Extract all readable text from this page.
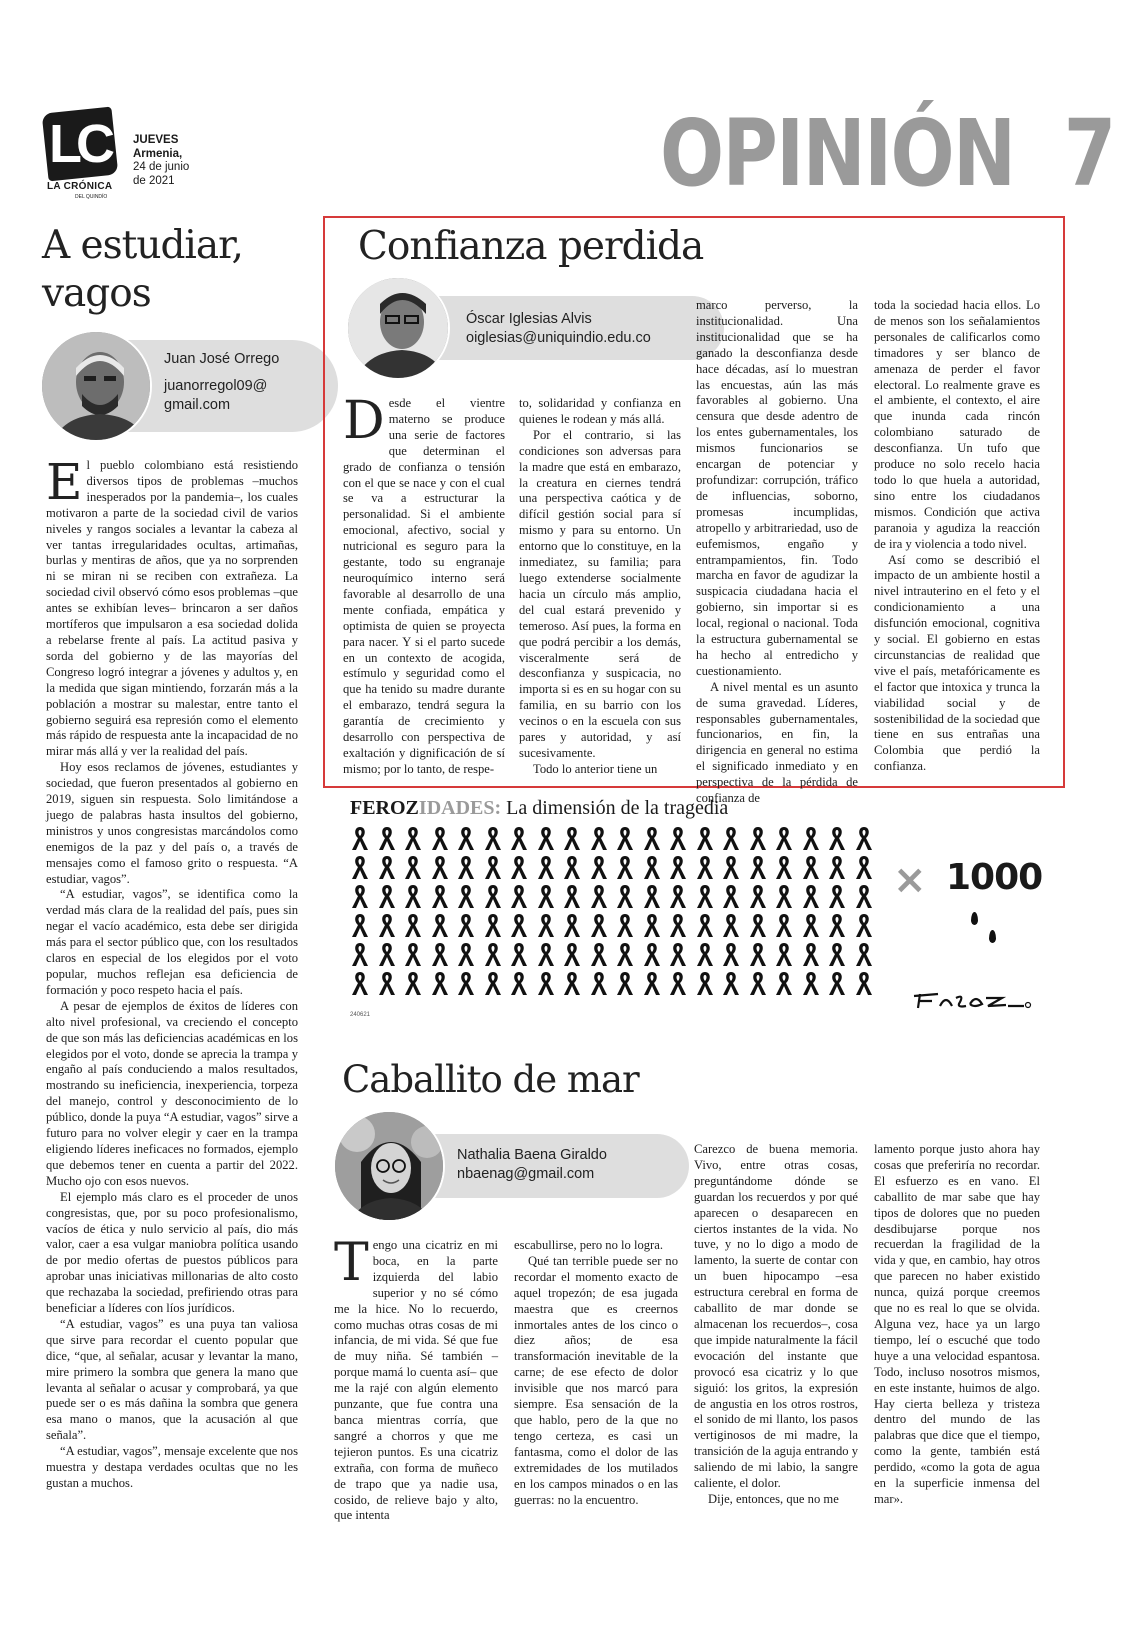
LC
LA CRÓNICA
DEL QUINDÍO
JUEVES
Armenia,
24 de junio
de 2021	OPINIÓN 7
A estudiar,
vagos
Juan José Orrego
juanorregol09@
gmail.com

El pueblo colombiano está resistiendo diversos tipos de problemas –muchos inesperados por la pandemia–, los cuales motivaron a parte de la sociedad civil de varios niveles y rangos sociales a levantar la cabeza al ver tantas irregularidades ocultas, artimañas, burlas y mentiras de años, que ya no sorprenden ni se miran ni se reciben con extrañeza. La sociedad civil observó cómo esos problemas –que antes se exhibían leves– brincaron a ser daños mortíferos que impulsaron a esa sociedad dolida a rebelarse frente al país. La actitud pasiva y sorda del gobierno y de las mayorías del Congreso logró integrar a jóvenes y adultos y, en la medida que sigan mintiendo, forzarán más a la población a mostrar su malestar, entre tanto el gobierno seguirá esa represión como el elemento más rápido de respuesta ante la incapacidad de no mirar más allá y ver la realidad del país.

Hoy esos reclamos de jóvenes, estudiantes y sociedad, que fueron presentados al gobierno en 2019, siguen sin respuesta. Solo limitándose a juego de palabras hasta insultos del gobierno, ministros y unos congresistas marcándolos como enemigos de la paz y del país o, a través de mensajes como el famoso grito o respuesta. “A estudiar, vagos”.

“A estudiar, vagos”, se identifica como la verdad más clara de la realidad del país, pues sin negar el vacío académico, esta debe ser dirigida más para el sector público que, con los resultados claros en especial de los elegidos por el voto popular, muchos reflejan esa deficiencia de formación y poco respeto hacia el país.

A pesar de ejemplos de éxitos de líderes con alto nivel profesional, va creciendo el concepto de que son más las deficiencias académicas en los elegidos por el voto, donde se aprecia la trampa y engaño al país conduciendo a malos resultados, mostrando su ineficiencia, inexperiencia, torpeza del manejo, control y desconocimiento de lo público, donde la puya “A estudiar, vagos” sirve a futuro para no volver elegir y caer en la trampa eligiendo líderes ineficaces no formados, ejemplo que debemos tener en cuenta a partir del 2022. Mucho ojo con esos nuevos.

El ejemplo más claro es el proceder de unos congresistas, que, por su poco profesionalismo, vacíos de ética y nulo servicio al país, dio más valor, caer a esa vulgar maniobra política usando de por medio ofertas de puestos públicos para aprobar unas iniciativas millonarias de alto costo que rechazaba la sociedad, prefiriendo otras para beneficiar a líderes con líos jurídicos.

“A estudiar, vagos” es una puya tan valiosa que sirve para recordar el cuento popular que dice, “que, al señalar, acusar y levantar la mano, mire primero la sombra que genera la mano que levanta al señalar o acusar y comprobará, ya que puede ser o es más dañina la sombra que genera esa mano o manos, que la acusación al que señala”.

“A estudiar, vagos”, mensaje excelente que nos muestra y destapa verdades ocultas que no les gustan a muchos.

Confianza perdida
Óscar Iglesias Alvis
oiglesias@uniquindio.edu.co

Desde el vientre materno se produce una serie de factores que determinan el grado de confianza o tensión con el que se nace y con el cual se va a estructurar la personalidad. Si el ambiente emocional, afectivo, social y nutricional es seguro para la gestante, todo su engranaje neuroquímico interno será favorable al desarrollo de una mente confiada, empática y optimista de quien se proyecta para nacer. Y si el parto sucede en un contexto de acogida, estímulo y seguridad como el que ha tenido su madre durante el embarazo, tendrá segura la garantía de crecimiento y desarrollo con perspectiva de exaltación y dignificación de sí mismo; por lo tanto, de respe-

to, solidaridad y confianza en quienes le rodean y más allá.

Por el contrario, si las condiciones son adversas para la madre que está en embarazo, la creatura en ciernes tendrá una perspectiva caótica y de difícil gestión social para sí mismo y para su entorno. Un entorno que lo constituye, en la inmediatez, su familia; para luego extenderse socialmente hacia un círculo más amplio, del cual estará prevenido y temeroso. Así pues, la forma en que podrá percibir a los demás, visceralmente será de desconfianza y suspicacia, no importa si es en su hogar con su familia, en su barrio con los vecinos o en la escuela con sus pares y autoridad, y así sucesivamente.

Todo lo anterior tiene un

marco perverso, la institucionalidad. Una institucionalidad que se ha ganado la desconfianza desde hace décadas, así lo muestran las encuestas, aún las más favorables al gobierno. Una censura que desde adentro de los entes gubernamentales, los mismos funcionarios se encargan de potenciar y profundizar: corrupción, tráfico de influencias, soborno, promesas incumplidas, atropello y arbitrariedad, uso de eufemismos, engaño y entrampamientos, fin. Todo marcha en favor de agudizar la suspicacia ciudadana hacia el gobierno, sin importar si es local, regional o nacional. Toda la estructura gubernamental se ha hecho al entredicho y cuestionamiento.

A nivel mental es un asunto de suma gravedad. Líderes, responsables gubernamentales, funcionarios, en fin, la dirigencia en general no estima el significado inmediato y en perspectiva de la pérdida de confianza de

toda la sociedad hacia ellos. Lo de menos son los señalamientos personales de calificarlos como timadores y ser blanco de amenaza de perder el favor electoral. Lo realmente grave es el ambiente, el contexto, el aire que inunda cada rincón colombiano saturado de desconfianza. Un tufo que produce no solo recelo hacia todo lo que huela a autoridad, sino entre los ciudadanos mismos. Condición que activa paranoia y agudiza la reacción de ira y violencia a todo nivel.

Así como se describió el impacto de un ambiente hostil a nivel intrauterino en el feto y el condicionamiento a una disfunción emocional, cognitiva y social. El gobierno en estas circunstancias de realidad que vive el país, metafóricamente es el factor que intoxica y trunca la viabilidad social y de sostenibilidad de la sociedad que tiene en sus entrañas una Colombia que perdió la confianza.

FEROZIDADES: La dimensión de la tragedia
× 1000
240621
Caballito de mar
Nathalia Baena Giraldo
nbaenag@gmail.com

Tengo una cicatriz en mi boca, en la parte izquierda del labio superior y no sé cómo me la hice. No lo recuerdo, como muchas otras cosas de mi infancia, de mi vida. Sé que fue de muy niña. Sé también –porque mamá lo cuenta así– que me la rajé con algún elemento punzante, que fue contra una banca mientras corría, que sangré a chorros y que me tejieron puntos. Es una cicatriz extraña, con forma de muñeco de trapo que ya nadie usa, cosido, de relieve bajo y alto, que intenta

escabullirse, pero no lo logra.

Qué tan terrible puede ser no recordar el momento exacto de aquel tropezón; de esa jugada maestra que es creernos inmortales antes de los cinco o diez años; de esa transformación inevitable de la carne; de ese efecto de dolor invisible que nos marcó para siempre. Esa sensación de la que hablo, pero de la que no tengo certeza, es casi un fantasma, como el dolor de las extremidades de los mutilados en los campos minados o en las guerras: no la encuentro.

Carezco de buena memoria. Vivo, entre otras cosas, preguntándome dónde se guardan los recuerdos y por qué aparecen o desaparecen en ciertos instantes de la vida. No tuve, y no lo digo a modo de lamento, la suerte de contar con un buen hipocampo –esa estructura cerebral en forma de caballito de mar donde se almacenan los recuerdos–, cosa que impide naturalmente la fácil evocación del instante que provocó esa cicatriz y lo que siguió: los gritos, la expresión de angustia en los otros rostros, el sonido de mi llanto, los pasos vertiginosos de mi madre, la transición de la aguja entrando y saliendo de mi labio, la sangre caliente, el dolor.

Dije, entonces, que no me

lamento porque justo ahora hay cosas que preferiría no recordar. El esfuerzo es en vano. El caballito de mar sabe que hay tipos de dolores que no pueden desdibujarse porque nos recuerdan la fragilidad de la vida y que, en cambio, hay otros que parecen no haber existido nunca, quizá porque creemos que no es real lo que se olvida. Alguna vez, hace ya un largo tiempo, leí o escuché que todo huye a una velocidad espantosa. Todo, incluso nosotros mismos, en este instante, huimos de algo. Hay cierta belleza y tristeza dentro del mundo de las palabras que dice que el tiempo, como la gente, también está perdido, «como la gota de agua en la superficie inmensa del mar».
